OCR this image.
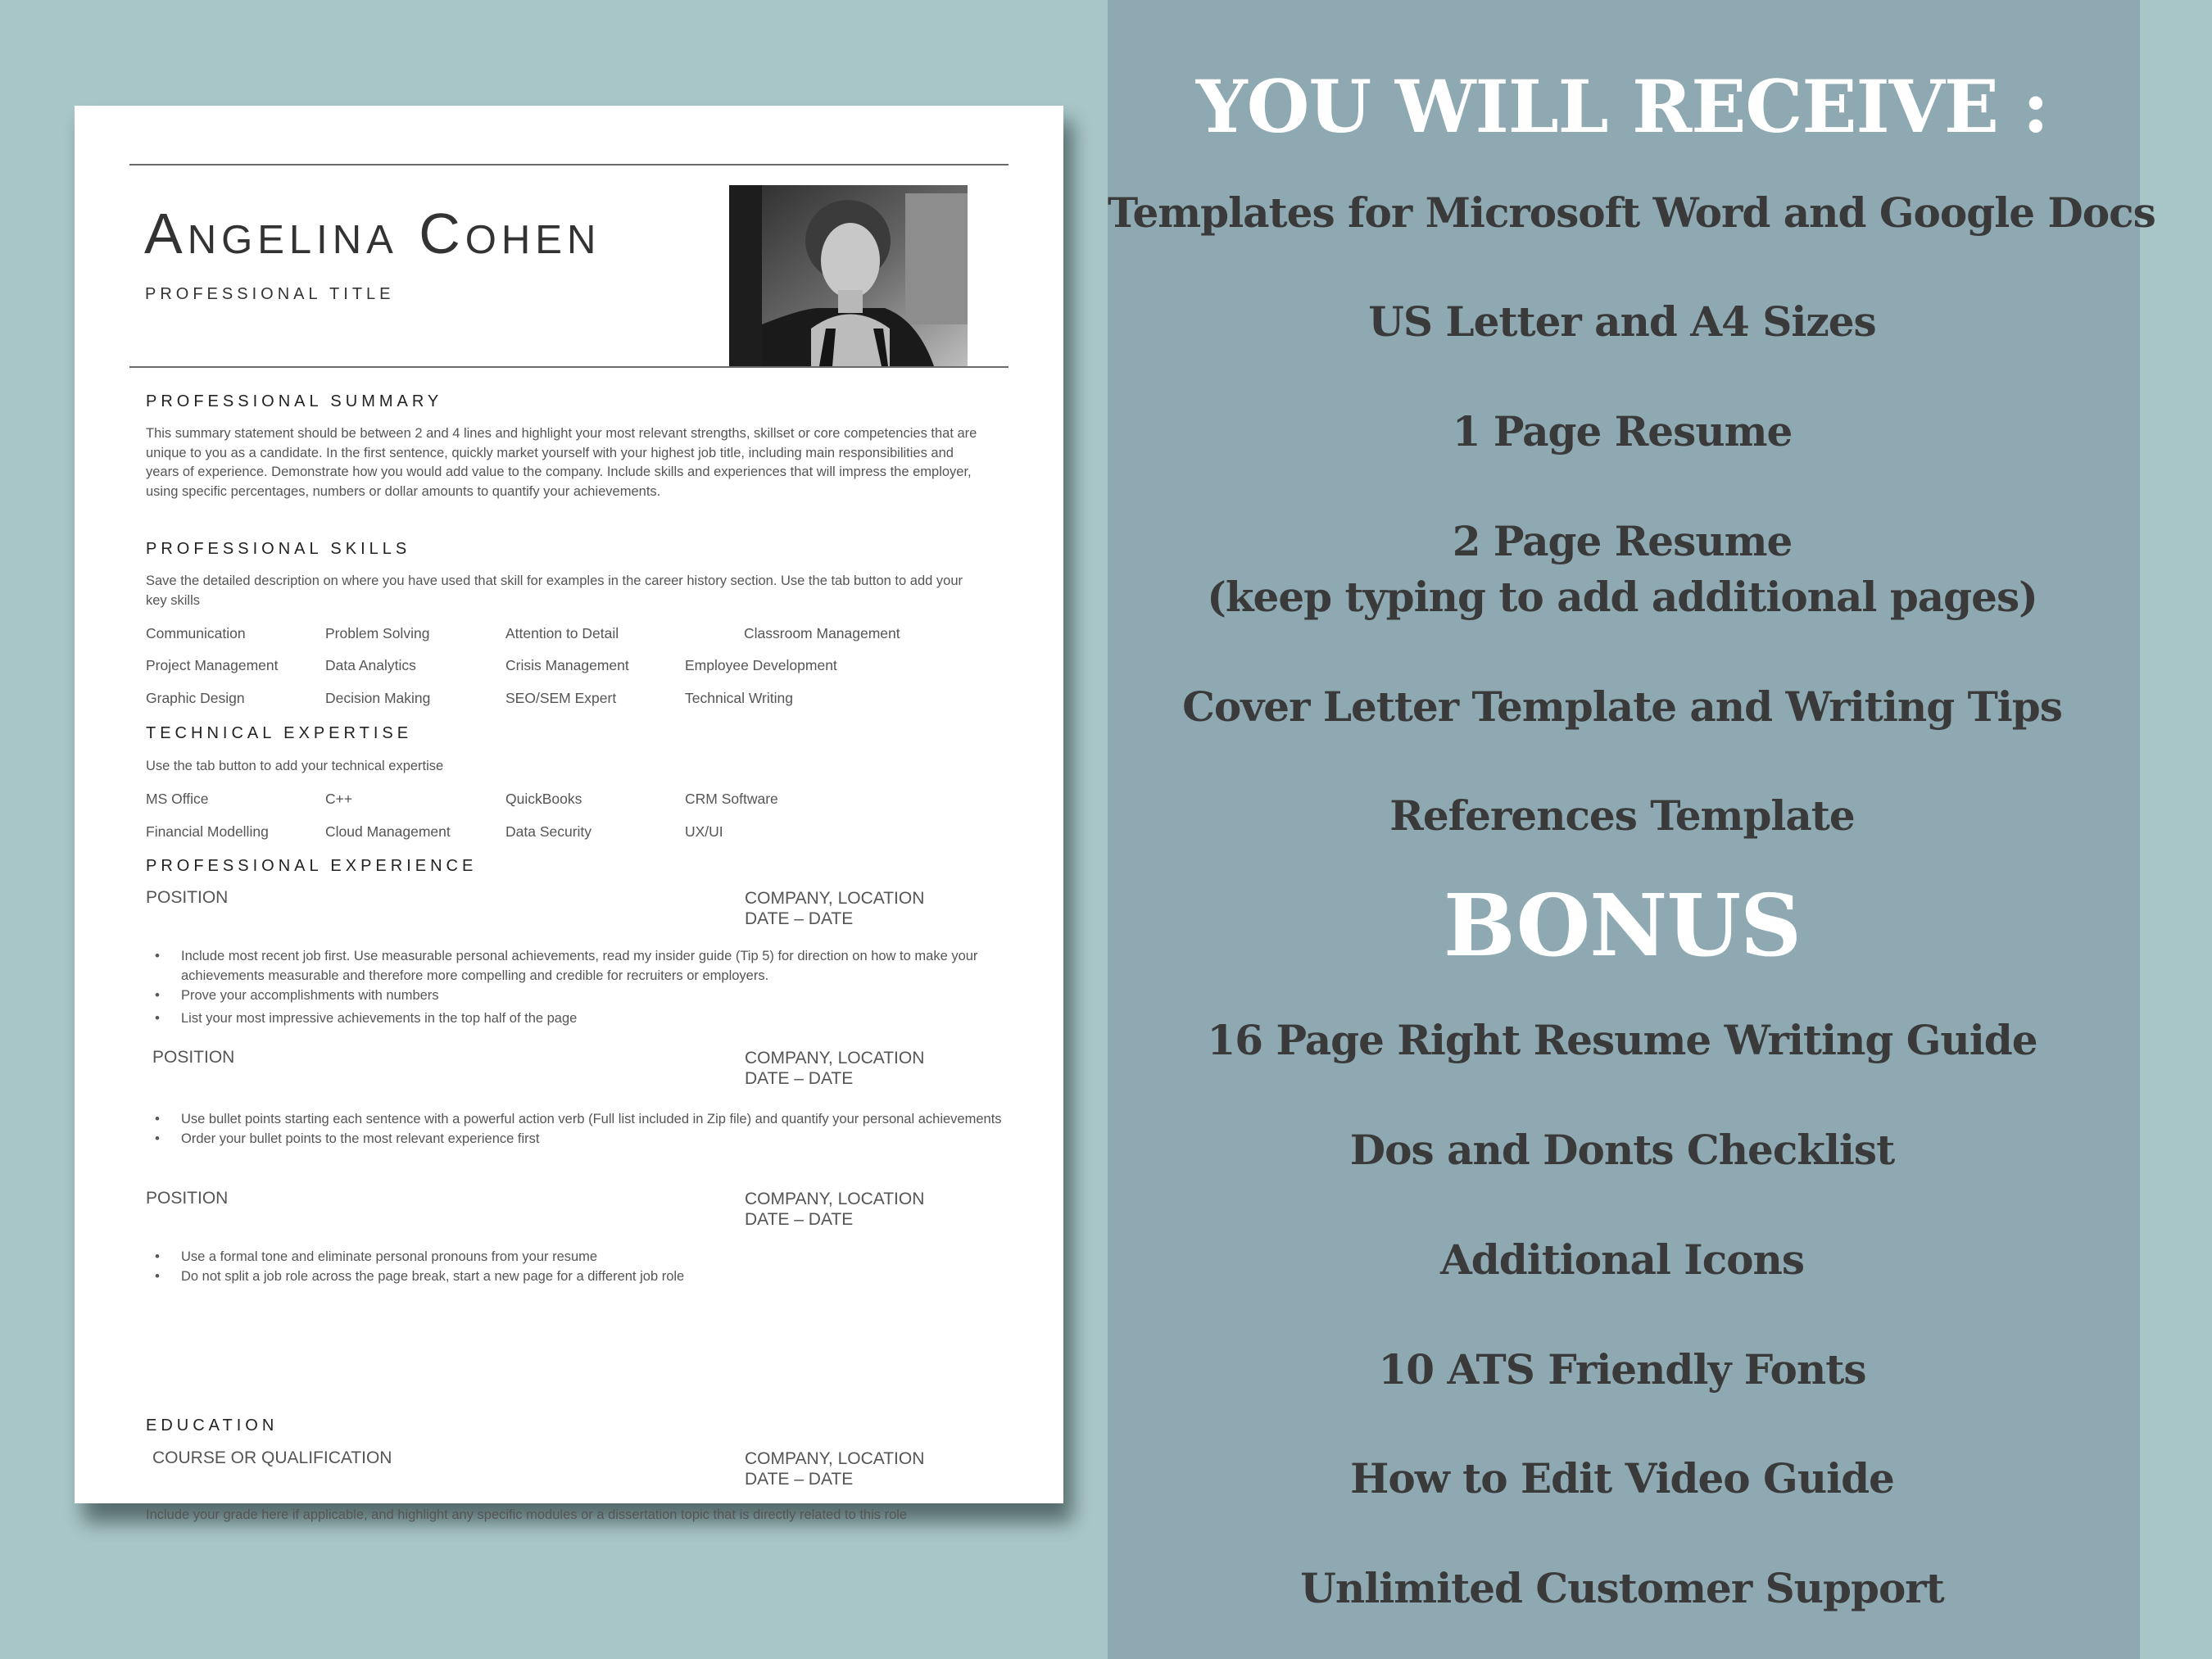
Angelina Cohen
PROFESSIONAL TITLE
PROFESSIONAL SUMMARY
This summary statement should be between 2 and 4 lines and highlight your most relevant strengths, skillset or core competencies that are unique to you as a candidate. In the first sentence, quickly market yourself with your highest job title, including main responsibilities and years of experience. Demonstrate how you would add value to the company. Include skills and experiences that will impress the employer, using specific percentages, numbers or dollar amounts to quantify your achievements.
PROFESSIONAL SKILLS
Save the detailed description on where you have used that skill for examples in the career history section. Use the tab button to add your key skills
Communication	Problem Solving	Attention to Detail	Classroom Management
Project Management	Data Analytics	Crisis Management	Employee Development
Graphic Design	Decision Making	SEO/SEM Expert	Technical Writing
TECHNICAL EXPERTISE
Use the tab button to add your technical expertise
MS Office	C++	QuickBooks	CRM Software
Financial Modelling	Cloud Management	Data Security	UX/UI
PROFESSIONAL EXPERIENCE
POSITION	COMPANY, LOCATION
DATE – DATE
• Include most recent job first. Use measurable personal achievements, read my insider guide (Tip 5) for direction on how to make your achievements measurable and therefore more compelling and credible for recruiters or employers.
• Prove your accomplishments with numbers
• List your most impressive achievements in the top half of the page
POSITION	COMPANY, LOCATION
DATE – DATE
• Use bullet points starting each sentence with a powerful action verb (Full list included in Zip file) and quantify your personal achievements
• Order your bullet points to the most relevant experience first
POSITION	COMPANY, LOCATION
DATE – DATE
• Use a formal tone and eliminate personal pronouns from your resume
• Do not split a job role across the page break, start a new page for a different job role
EDUCATION
COURSE OR QUALIFICATION	COMPANY, LOCATION
DATE – DATE
Include your grade here if applicable, and highlight any specific modules or a dissertation topic that is directly related to this role
YOU WILL RECEIVE :
Templates for Microsoft Word and Google Docs
US Letter and A4 Sizes
1 Page Resume
2 Page Resume
(keep typing to add additional pages)
Cover Letter Template and Writing Tips
References Template
BONUS
16 Page Right Resume Writing Guide
Dos and Donts Checklist
Additional Icons
10 ATS Friendly Fonts
How to Edit Video Guide
Unlimited Customer Support
